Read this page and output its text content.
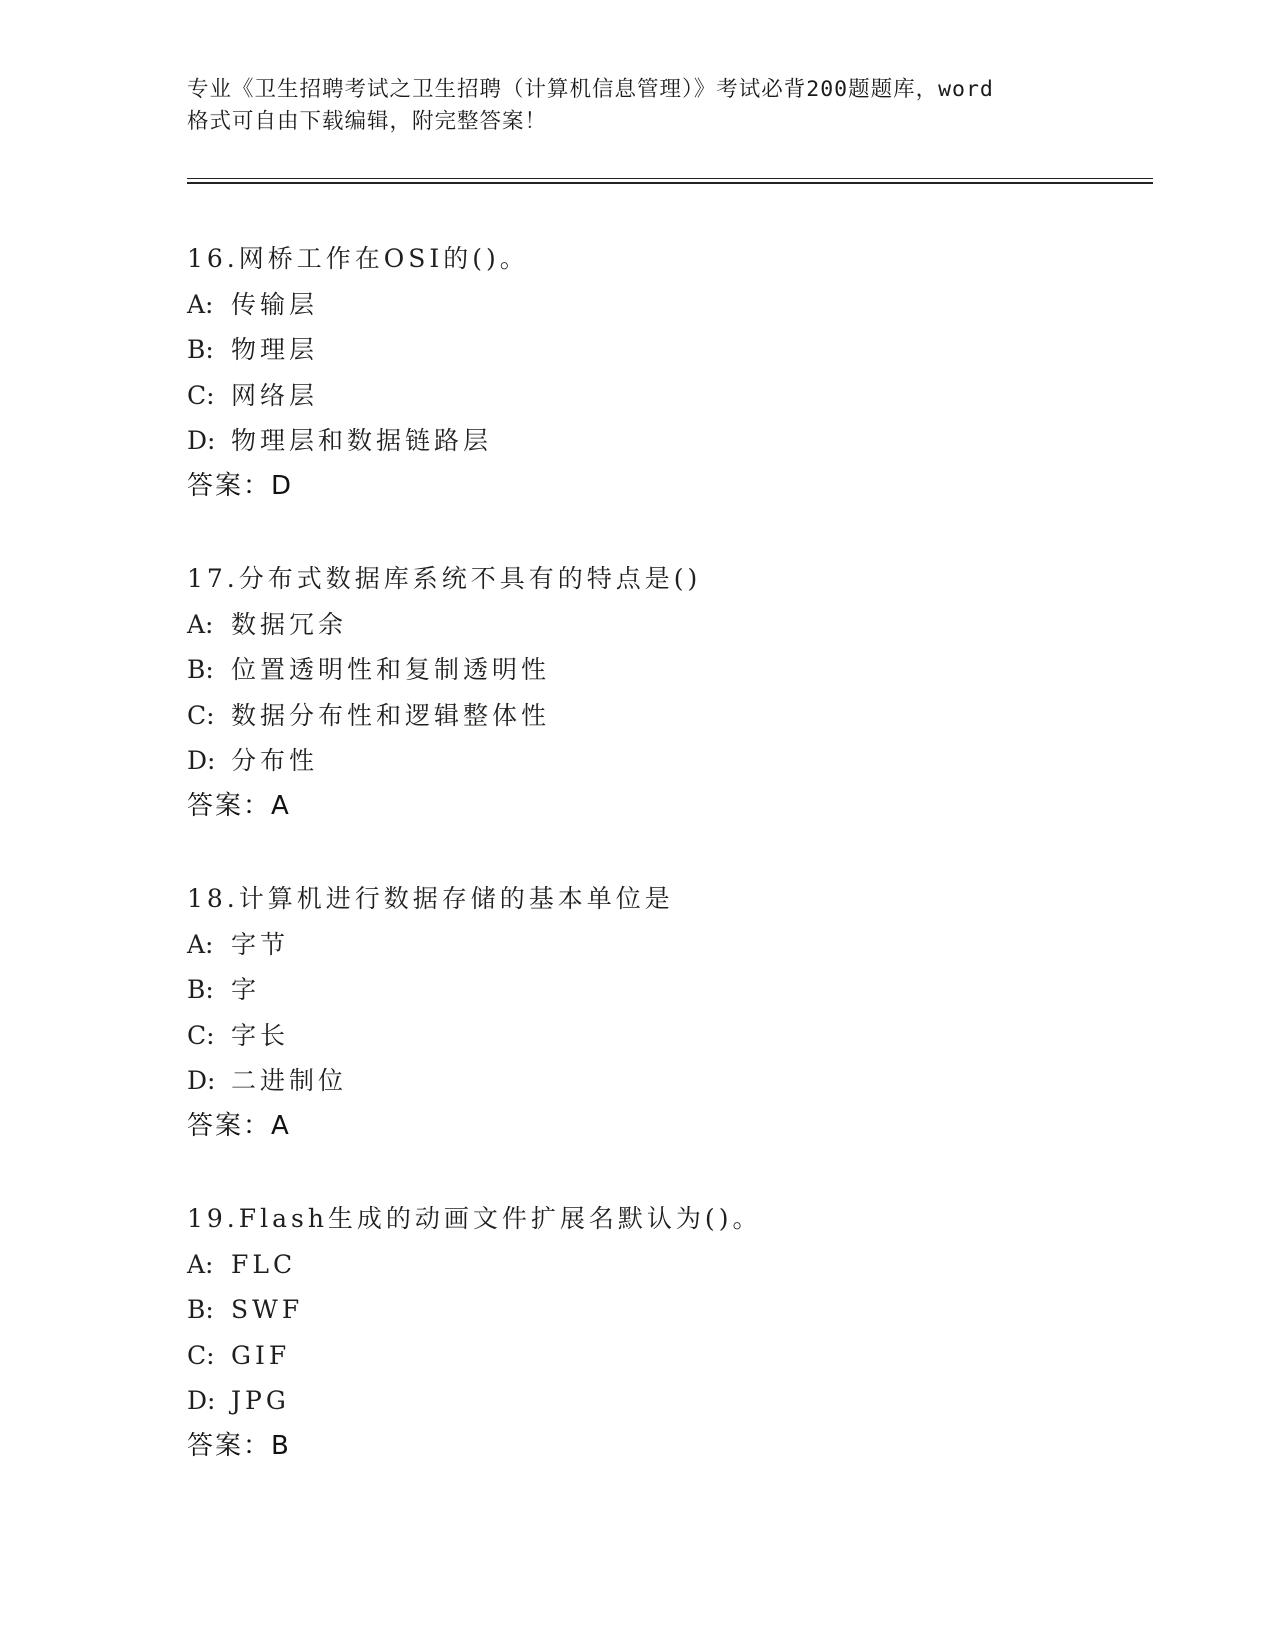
专业《卫生招聘考试之卫生招聘（计算机信息管理）》考试必背200题题库，word
格式可自由下载编辑，附完整答案！
16.网桥工作在OSI的()。
A: 传输层
B: 物理层
C: 网络层
D: 物理层和数据链路层
答案：D
17.分布式数据库系统不具有的特点是()
A: 数据冗余
B: 位置透明性和复制透明性
C: 数据分布性和逻辑整体性
D: 分布性
答案：A
18.计算机进行数据存储的基本单位是
A: 字节
B: 字
C: 字长
D: 二进制位
答案：A
19.Flash生成的动画文件扩展名默认为()。
A: FLC
B: SWF
C: GIF
D: JPG
答案：B
